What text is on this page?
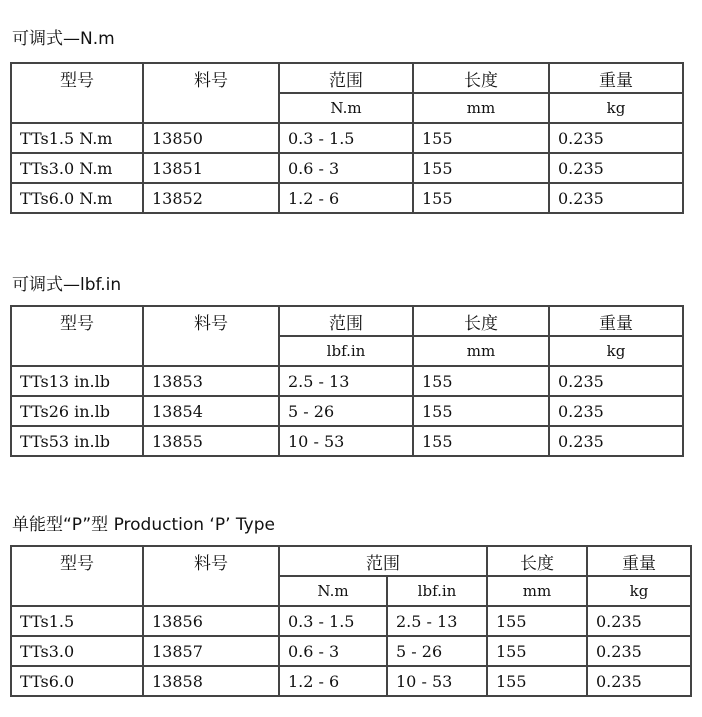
可调式—N.m
型号	料号	范围	长度	重量
		N.m	mm	kg
TTs1.5 N.m	13850	0.3 - 1.5	155	0.235
TTs3.0 N.m	13851	0.6 - 3	155	0.235
TTs6.0 N.m	13852	1.2 - 6	155	0.235
可调式—lbf.in
型号	料号	范围	长度	重量
		lbf.in	mm	kg
TTs13 in.lb	13853	2.5 - 13	155	0.235
TTs26 in.lb	13854	5 - 26	155	0.235
TTs53 in.lb	13855	10 - 53	155	0.235
单能型“P”型 Production ‘P’ Type
型号	料号	范围		长度	重量
		N.m	lbf.in	mm	kg
TTs1.5	13856	0.3 - 1.5	2.5 - 13	155	0.235
TTs3.0	13857	0.6 - 3	5 - 26	155	0.235
TTs6.0	13858	1.2 - 6	10 - 53	155	0.235
